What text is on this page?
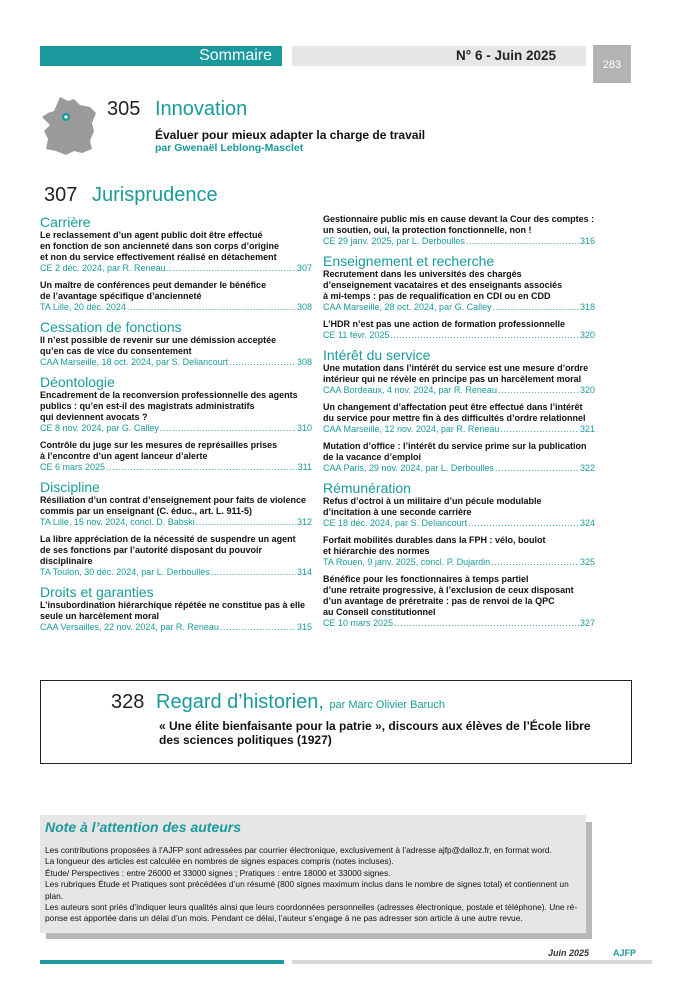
Sommaire	N° 6 - Juin 2025
283
305 Innovation
Évaluer pour mieux adapter la charge de travail
par Gwenaël Leblong-Masclet
307 Jurisprudence
Carrière
Le reclassement d’un agent public doit être effectué
en fonction de son ancienneté dans son corps d’origine
et non du service effectivement réalisé en détachement
CE 2 déc. 2024, par R. Reneau .....	307
Un maître de conférences peut demander le bénéfice
de l’avantage spécifique d’ancienneté
TA Lille, 20 déc. 2024 .....	308
Cessation de fonctions
Il n’est possible de revenir sur une démission acceptée
qu’en cas de vice du consentement
CAA Marseille, 18 oct. 2024, par S. Deliancourt .....	308
Déontologie
Encadrement de la reconversion professionnelle des agents
publics : qu’en est-il des magistrats administratifs
qui deviennent avocats ?
CE 8 nov. 2024, par G. Calley .....	310
Contrôle du juge sur les mesures de représailles prises
à l’encontre d’un agent lanceur d’alerte
CE 6 mars 2025 .....	311
Discipline
Résiliation d’un contrat d’enseignement pour faits de violence
commis par un enseignant (C. éduc., art. L. 911-5)
TA Lille, 15 nov. 2024, concl. D. Babski .....	312
La libre appréciation de la nécessité de suspendre un agent
de ses fonctions par l’autorité disposant du pouvoir
disciplinaire
TA Toulon, 30 déc. 2024, par L. Derboulles .....	314
Droits et garanties
L’insubordination hiérarchique répétée ne constitue pas à elle
seule un harcèlement moral
CAA Versailles, 22 nov. 2024, par R. Reneau .....	315
Gestionnaire public mis en cause devant la Cour des comptes :
un soutien, oui, la protection fonctionnelle, non !
CE 29 janv. 2025, par L. Derboulles .....	316
Enseignement et recherche
Recrutement dans les universités des chargés
d’enseignement vacataires et des enseignants associés
à mi-temps : pas de requalification en CDI ou en CDD
CAA Marseille, 28 oct. 2024, par G. Calley .....	318
L’HDR n’est pas une action de formation professionnelle
CE 11 févr. 2025 .....	320
Intérêt du service
Une mutation dans l’intérêt du service est une mesure d’ordre
intérieur qui ne révèle en principe pas un harcèlement moral
CAA Bordeaux, 4 nov. 2024, par R. Reneau .....	320
Un changement d’affectation peut être effectué dans l’intérêt
du service pour mettre fin à des difficultés d’ordre relationnel
CAA Marseille, 12 nov. 2024, par R. Reneau .....	321
Mutation d’office : l’intérêt du service prime sur la publication
de la vacance d’emploi
CAA Paris, 29 nov. 2024, par L. Derboulles .....	322
Rémunération
Refus d’octroi à un militaire d’un pécule modulable
d’incitation à une seconde carrière
CE 18 déc. 2024, par S. Deliancourt .....	324
Forfait mobilités durables dans la FPH : vélo, boulot
et hiérarchie des normes
TA Rouen, 9 janv. 2025, concl. P. Dujardin .....	325
Bénéfice pour les fonctionnaires à temps partiel
d’une retraite progressive, à l’exclusion de ceux disposant
d’un avantage de préretraite : pas de renvoi de la QPC
au Conseil constitutionnel
CE 10 mars 2025 .....	327
328 Regard d’historien, par Marc Olivier Baruch
« Une élite bienfaisante pour la patrie », discours aux élèves de l’École libre des sciences politiques (1927)
Note à l’attention des auteurs
Les contributions proposées à l’AJFP sont adressées par courrier électronique, exclusivement à l’adresse ajfp@dalloz.fr, en format word.
La longueur des articles est calculée en nombres de signes espaces compris (notes incluses).
Étude/ Perspectives : entre 26000 et 33000 signes ; Pratiques : entre 18000 et 33000 signes.
Les rubriques Étude et Pratiques sont précédées d’un résumé (800 signes maximum inclus dans le nombre de signes total) et contiennent un plan.
Les auteurs sont priés d’indiquer leurs qualités ainsi que leurs coordonnées personnelles (adresses électronique, postale et téléphone). Une ré-
ponse est apportée dans un délai d’un mois. Pendant ce délai, l’auteur s’engage à ne pas adresser son article à une autre revue.
Juin 2025	AJFP
